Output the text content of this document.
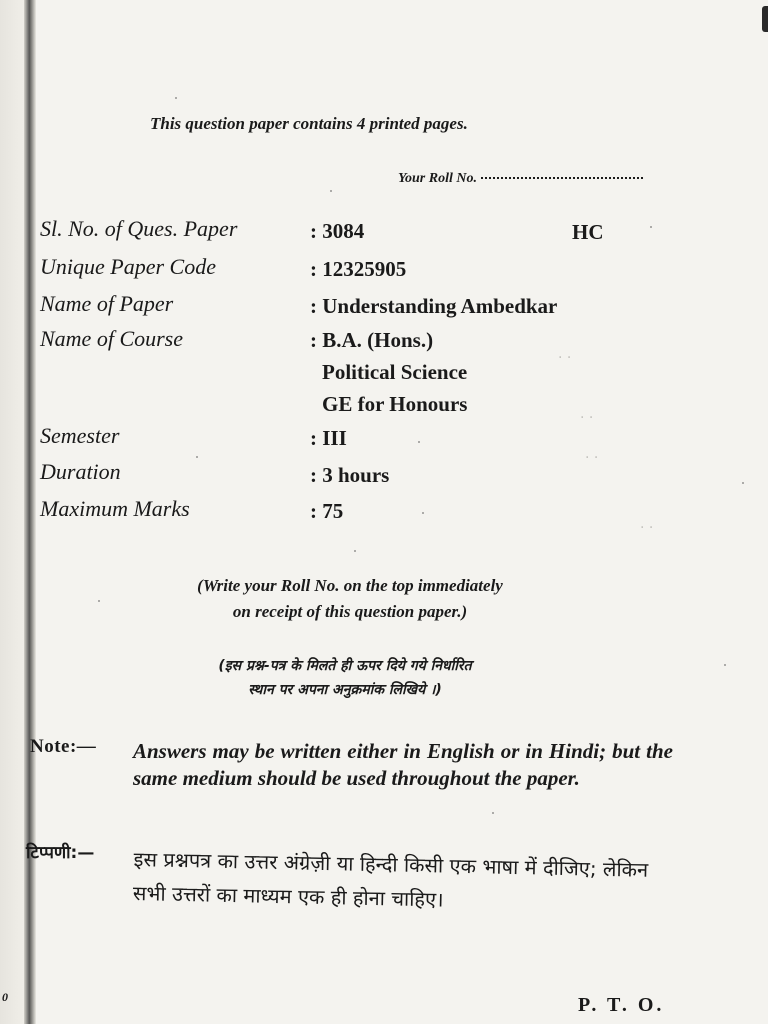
This question paper contains 4 printed pages.
Your Roll No.
Sl. No. of Ques. Paper
Unique Paper Code
Name of Paper
Name of Course
Semester
Duration
Maximum Marks
: 3084	HC
: 12325905
: Understanding Ambedkar
: B.A. (Hons.)
Political Science
GE for Honours
: III
: 3 hours
: 75
(Write your Roll No. on the top immediately
on receipt of this question paper.)
(इस प्रश्न-पत्र के मिलते ही ऊपर दिये गये निर्धारित
स्थान पर अपना अनुक्रमांक लिखिये ।)
Note:— Answers may be written either in English or in Hindi; but the same medium should be used throughout the paper.
टिप्पणी:— इस प्रश्नपत्र का उत्तर अंग्रेज़ी या हिन्दी किसी एक भाषा में दीजिए; लेकिन सभी उत्तरों का माध्यम एक ही होना चाहिए।
0	P. T. O.
· ·
· ·
· ·
· ·
